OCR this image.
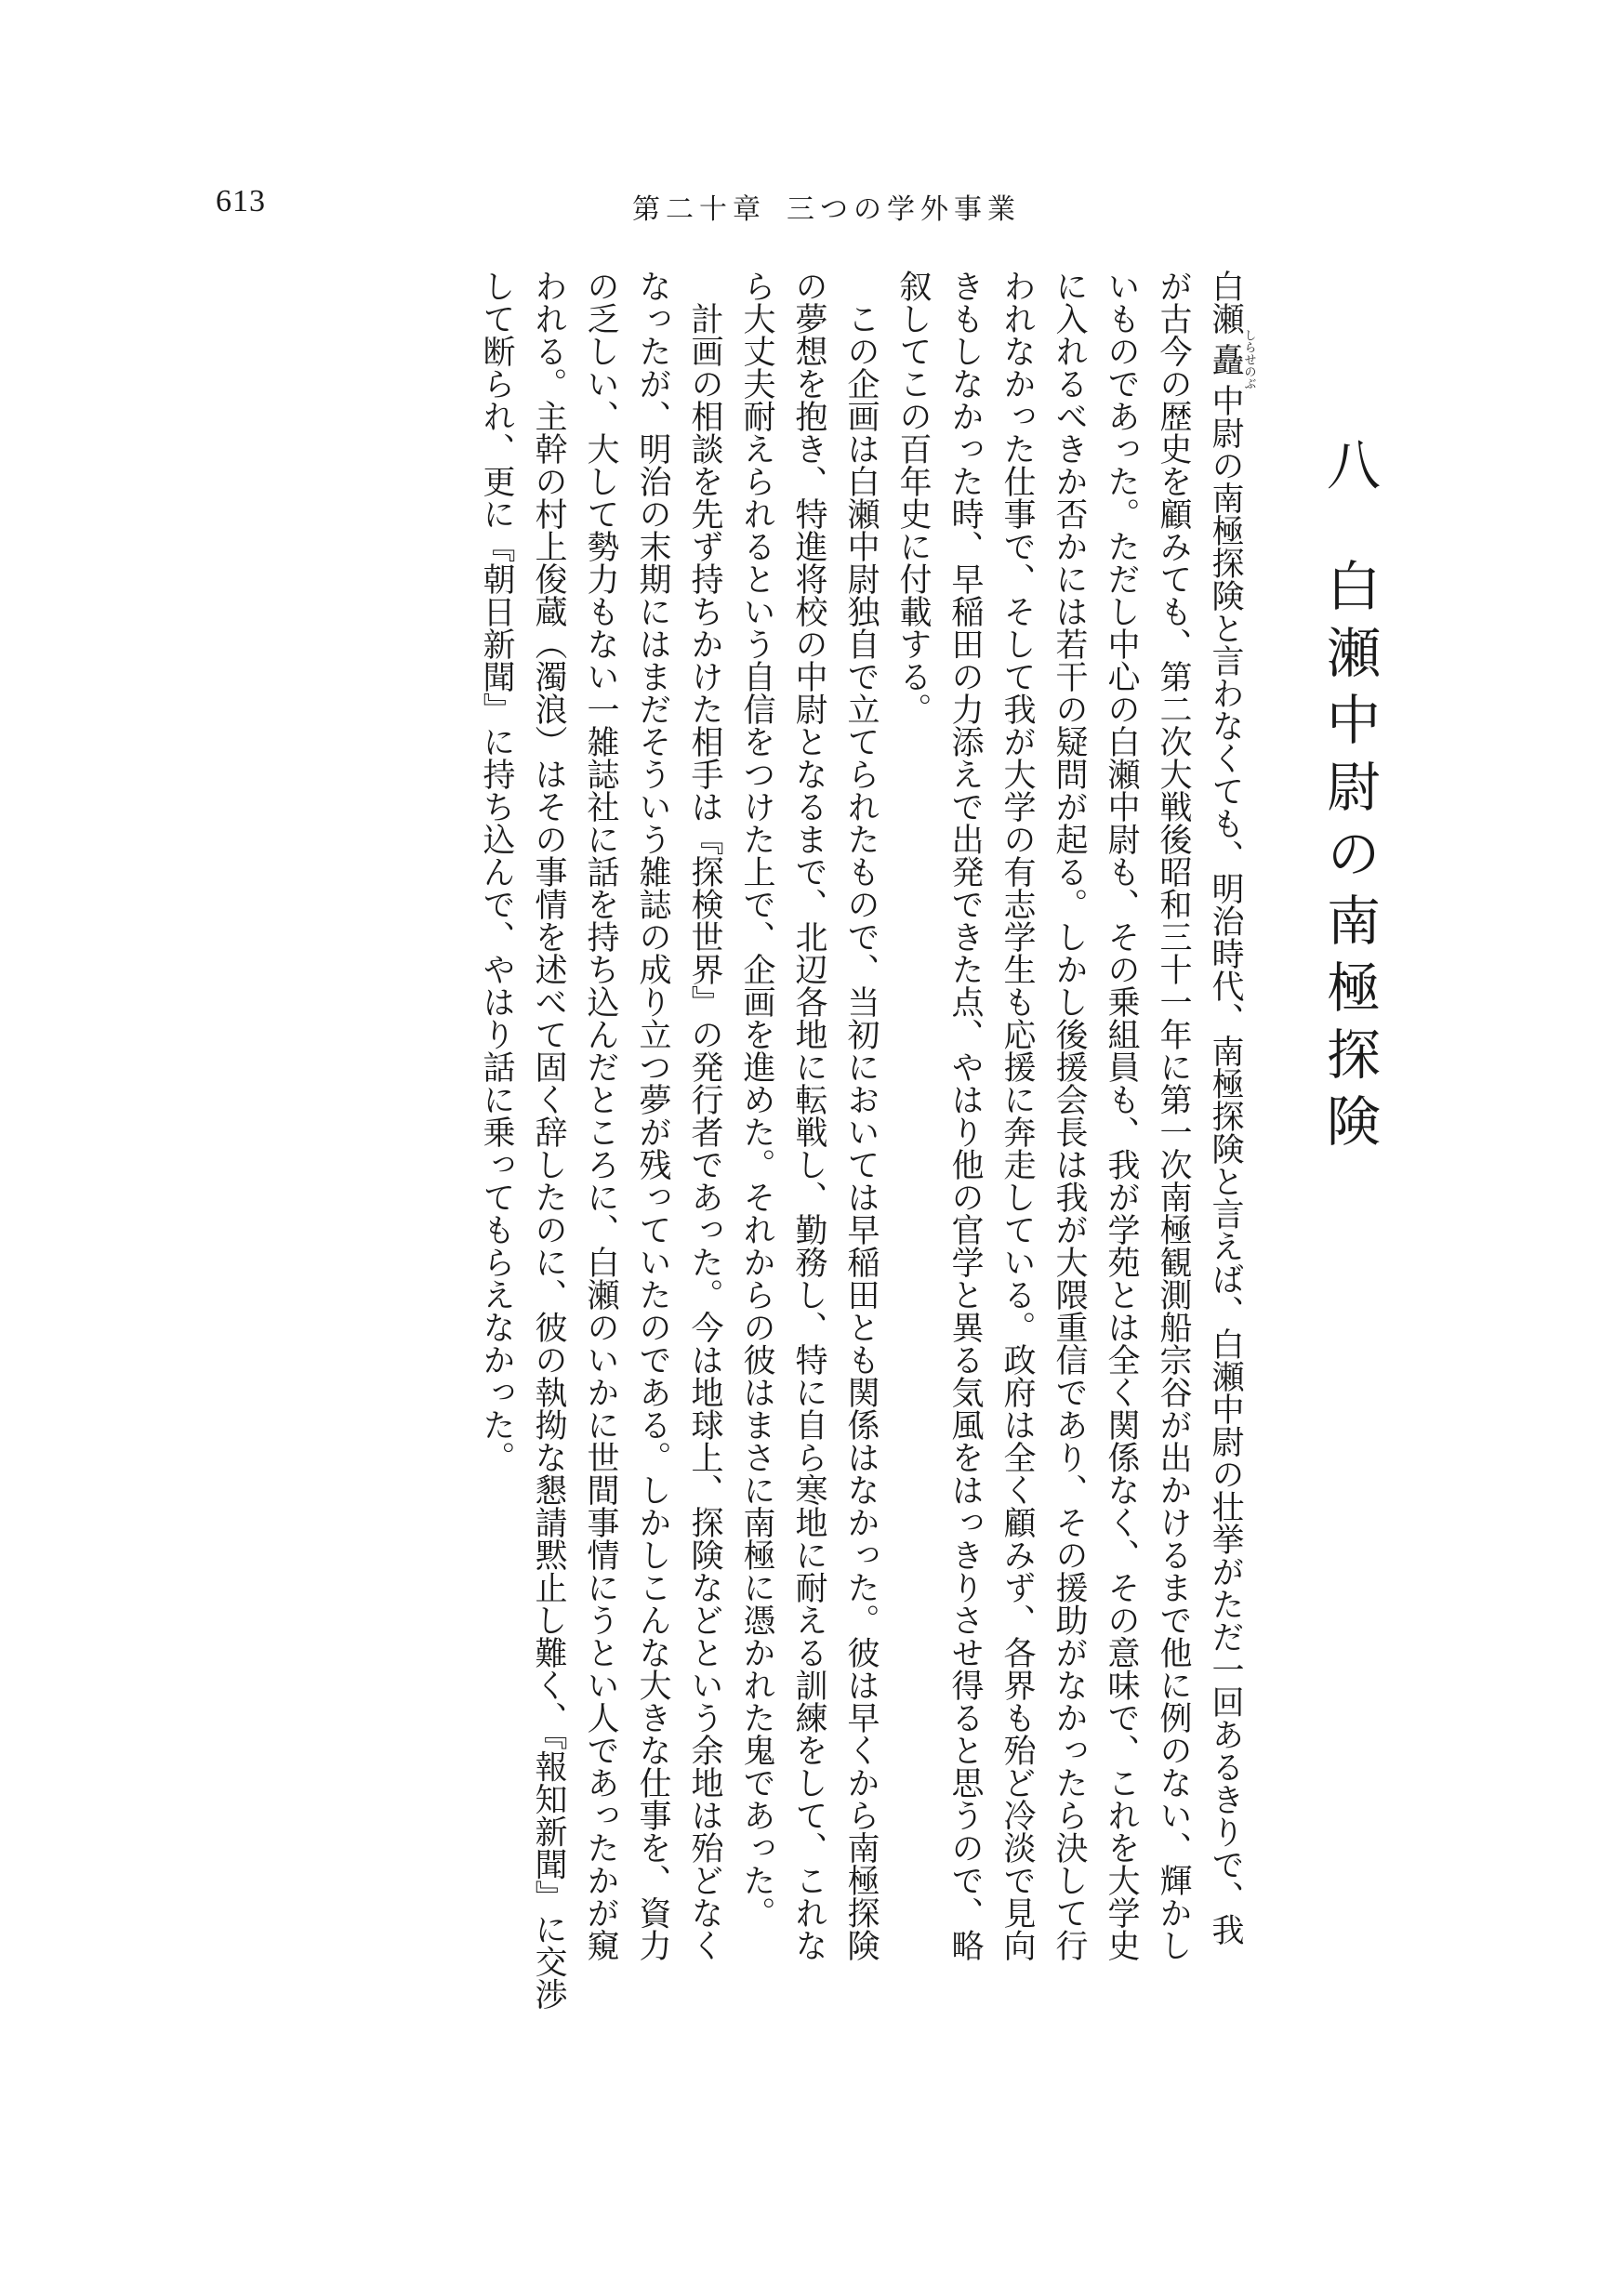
613	第二十章 三つの学外事業
八白瀬中尉の南極探険

白瀬矗しらせのぶ中尉の南極探険と言わなくても、明治時代、南極探険と言えば、白瀬中尉の壮挙がただ一回あるきりで、我

が古今の歴史を顧みても、第二次大戦後昭和三十一年に第一次南極観測船宗谷が出かけるまで他に例のない、輝かし

いものであった。ただし中心の白瀬中尉も、その乗組員も、我が学苑とは全く関係なく、その意味で、これを大学史

に入れるべきか否かには若干の疑問が起る。しかし後援会長は我が大隈重信であり、その援助がなかったら決して行

われなかった仕事で、そして我が大学の有志学生も応援に奔走している。政府は全く顧みず、各界も殆ど冷淡で見向

きもしなかった時、早稲田の力添えで出発できた点、やはり他の官学と異る気風をはっきりさせ得ると思うので、略

叙してこの百年史に付載する。

この企画は白瀬中尉独自で立てられたもので、当初においては早稲田とも関係はなかった。彼は早くから南極探険

の夢想を抱き、特進将校の中尉となるまで、北辺各地に転戦し、勤務し、特に自ら寒地に耐える訓練をして、これな

ら大丈夫耐えられるという自信をつけた上で、企画を進めた。それからの彼はまさに南極に憑かれた鬼であった。

計画の相談を先ず持ちかけた相手は『探検世界』の発行者であった。今は地球上、探険などという余地は殆どなく

なったが、明治の末期にはまだそういう雑誌の成り立つ夢が残っていたのである。しかしこんな大きな仕事を、資力

の乏しい、大して勢力もない一雑誌社に話を持ち込んだところに、白瀬のいかに世間事情にうとい人であったかが窺

われる。主幹の村上俊蔵（濁浪）はその事情を述べて固く辞したのに、彼の執拗な懇請黙止し難く、『報知新聞』に交渉

して断られ、更に『朝日新聞』に持ち込んで、やはり話に乗ってもらえなかった。
